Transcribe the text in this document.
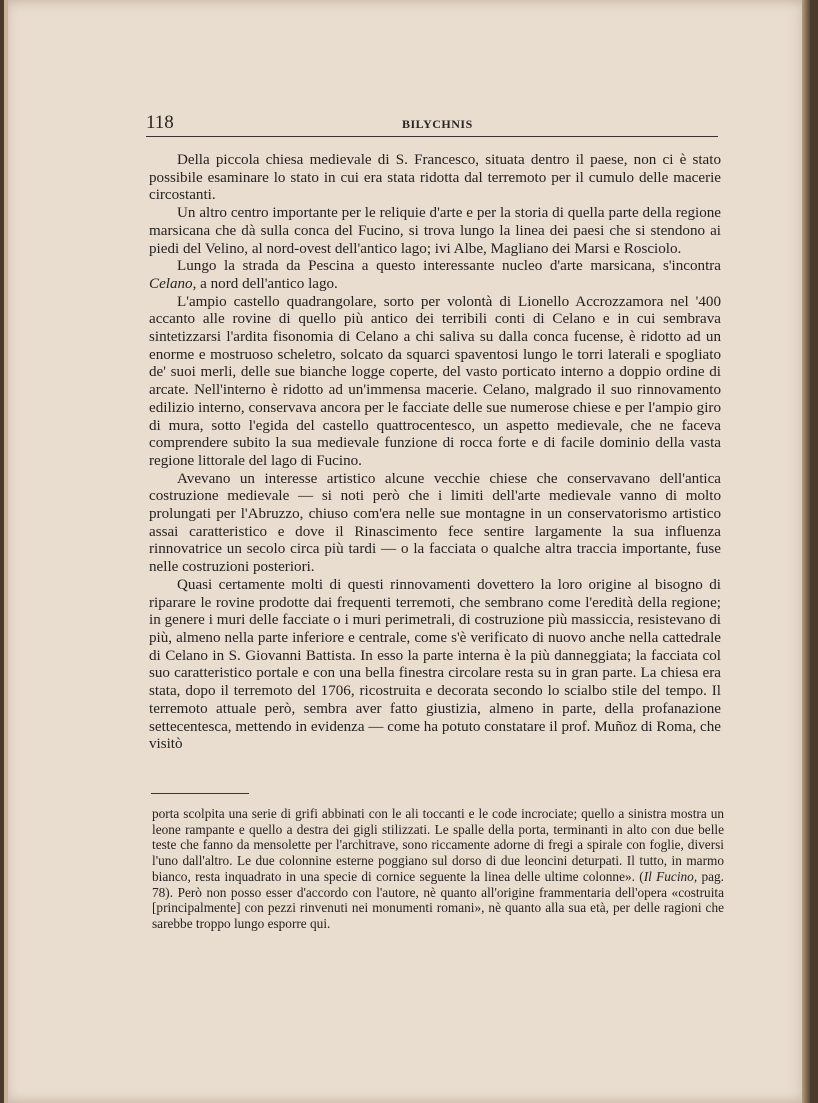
118	BILYCHNIS

Della piccola chiesa medievale di S. Francesco, situata dentro il paese, non ci è stato possibile esaminare lo stato in cui era stata ridotta dal terremoto per il cumulo delle macerie circostanti.

Un altro centro importante per le reliquie d'arte e per la storia di quella parte della regione marsicana che dà sulla conca del Fucino, si trova lungo la linea dei paesi che si stendono ai piedi del Velino, al nord-ovest dell'antico lago; ivi Albe, Magliano dei Marsi e Rosciolo.

Lungo la strada da Pescina a questo interessante nucleo d'arte marsicana, s'incontra Celano, a nord dell'antico lago.

L'ampio castello quadrangolare, sorto per volontà di Lionello Accrozzamora nel '400 accanto alle rovine di quello più antico dei terribili conti di Celano e in cui sembrava sintetizzarsi l'ardita fisonomia di Celano a chi saliva su dalla conca fucense, è ridotto ad un enorme e mostruoso scheletro, solcato da squarci spaventosi lungo le torri laterali e spogliato de' suoi merli, delle sue bianche logge coperte, del vasto porticato interno a doppio ordine di arcate. Nell'interno è ridotto ad un'immensa macerie. Celano, malgrado il suo rinnovamento edilizio interno, conservava ancora per le facciate delle sue numerose chiese e per l'ampio giro di mura, sotto l'egida del castello quattrocentesco, un aspetto medievale, che ne faceva comprendere subito la sua medievale funzione di rocca forte e di facile dominio della vasta regione littorale del lago di Fucino.

Avevano un interesse artistico alcune vecchie chiese che conservavano dell'antica costruzione medievale — si noti però che i limiti dell'arte medievale vanno di molto prolungati per l'Abruzzo, chiuso com'era nelle sue montagne in un conservatorismo artistico assai caratteristico e dove il Rinascimento fece sentire largamente la sua influenza rinnovatrice un secolo circa più tardi — o la facciata o qualche altra traccia importante, fuse nelle costruzioni posteriori.

Quasi certamente molti di questi rinnovamenti dovettero la loro origine al bisogno di riparare le rovine prodotte dai frequenti terremoti, che sembrano come l'eredità della regione; in genere i muri delle facciate o i muri perimetrali, di costruzione più massiccia, resistevano di più, almeno nella parte inferiore e centrale, come s'è verificato di nuovo anche nella cattedrale di Celano in S. Giovanni Battista. In esso la parte interna è la più danneggiata; la facciata col suo caratteristico portale e con una bella finestra circolare resta su in gran parte. La chiesa era stata, dopo il terremoto del 1706, ricostruita e decorata secondo lo scialbo stile del tempo. Il terremoto attuale però, sembra aver fatto giustizia, almeno in parte, della profanazione settecentesca, mettendo in evidenza — come ha potuto constatare il prof. Muñoz di Roma, che visitò

porta scolpita una serie di grifi abbinati con le ali toccanti e le code incrociate; quello a sinistra mostra un leone rampante e quello a destra dei gigli stilizzati. Le spalle della porta, terminanti in alto con due belle teste che fanno da mensolette per l'architrave, sono riccamente adorne di fregi a spirale con foglie, diversi l'uno dall'altro. Le due colonnine esterne poggiano sul dorso di due leoncini deturpati. Il tutto, in marmo bianco, resta inquadrato in una specie di cornice seguente la linea delle ultime colonne». (Il Fucino, pag. 78). Però non posso esser d'accordo con l'autore, nè quanto all'origine frammentaria dell'opera «costruita [principalmente] con pezzi rinvenuti nei monumenti romani», nè quanto alla sua età, per delle ragioni che sarebbe troppo lungo esporre qui.
